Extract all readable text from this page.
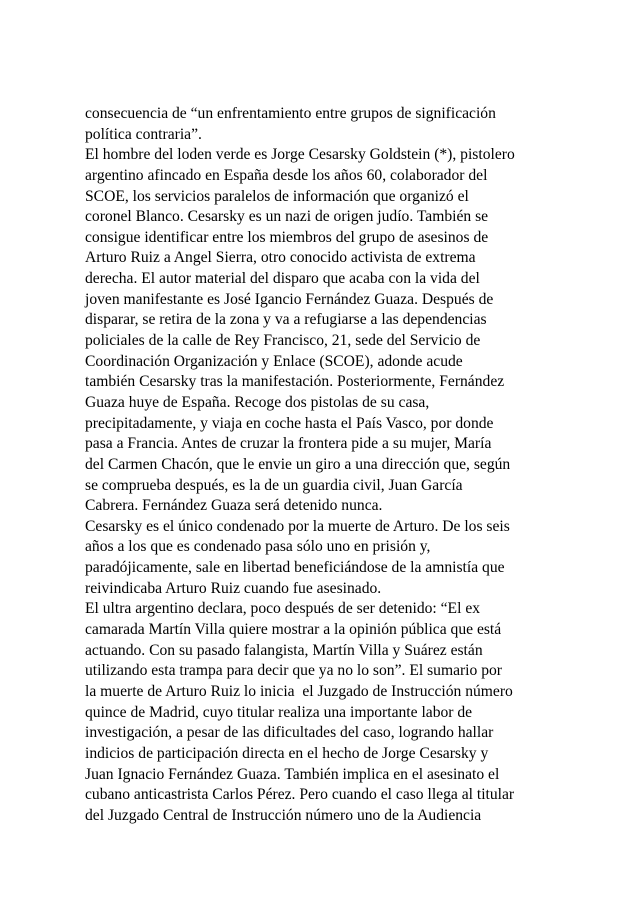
consecuencia de “un enfrentamiento entre grupos de significación
política contraria”.
El hombre del loden verde es Jorge Cesarsky Goldstein (*), pistolero
argentino afincado en España desde los años 60, colaborador del
SCOE, los servicios paralelos de información que organizó el
coronel Blanco. Cesarsky es un nazi de origen judío. También se
consigue identificar entre los miembros del grupo de asesinos de
Arturo Ruiz a Angel Sierra, otro conocido activista de extrema
derecha. El autor material del disparo que acaba con la vida del
joven manifestante es José Igancio Fernández Guaza. Después de
disparar, se retira de la zona y va a refugiarse a las dependencias
policiales de la calle de Rey Francisco, 21, sede del Servicio de
Coordinación Organización y Enlace (SCOE), adonde acude
también Cesarsky tras la manifestación. Posteriormente, Fernández
Guaza huye de España. Recoge dos pistolas de su casa,
precipitadamente, y viaja en coche hasta el País Vasco, por donde
pasa a Francia. Antes de cruzar la frontera pide a su mujer, María
del Carmen Chacón, que le envie un giro a una dirección que, según
se comprueba después, es la de un guardia civil, Juan García
Cabrera. Fernández Guaza será detenido nunca.
Cesarsky es el único condenado por la muerte de Arturo. De los seis
años a los que es condenado pasa sólo uno en prisión y,
paradójicamente, sale en libertad beneficiándose de la amnistía que
reivindicaba Arturo Ruiz cuando fue asesinado.
El ultra argentino declara, poco después de ser detenido: “El ex
camarada Martín Villa quiere mostrar a la opinión pública que está
actuando. Con su pasado falangista, Martín Villa y Suárez están
utilizando esta trampa para decir que ya no lo son”. El sumario por
la muerte de Arturo Ruiz lo inicia  el Juzgado de Instrucción número
quince de Madrid, cuyo titular realiza una importante labor de
investigación, a pesar de las dificultades del caso, logrando hallar
indicios de participación directa en el hecho de Jorge Cesarsky y
Juan Ignacio Fernández Guaza. También implica en el asesinato el
cubano anticastrista Carlos Pérez. Pero cuando el caso llega al titular
del Juzgado Central de Instrucción número uno de la Audiencia
